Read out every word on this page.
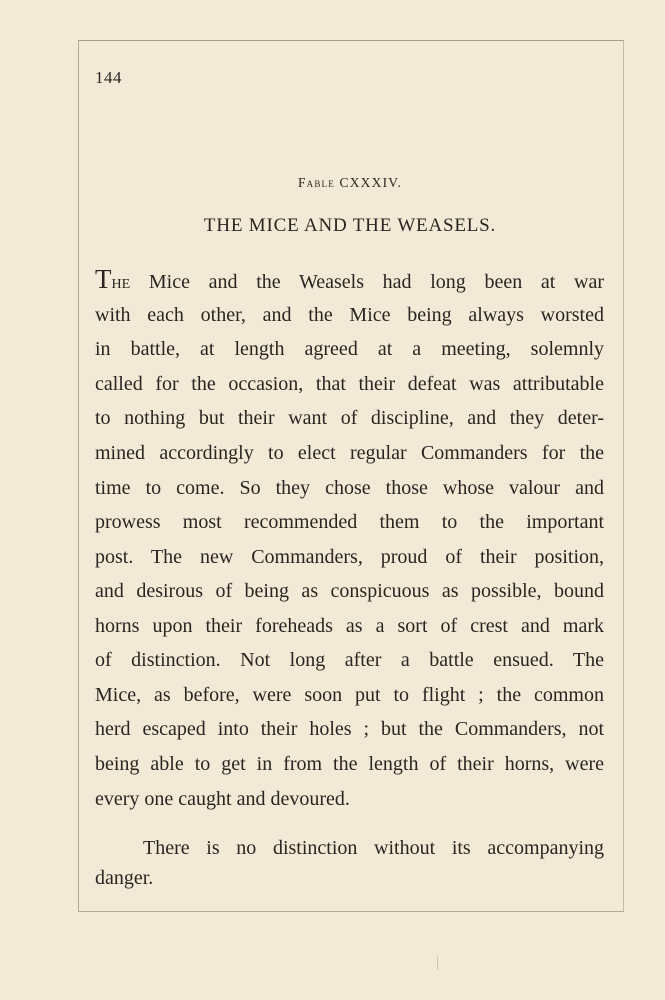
144
Fable CXXXIV.
THE MICE AND THE WEASELS.
The Mice and the Weasels had long been at war
with each other, and the Mice being always worsted
in battle, at length agreed at a meeting, solemnly
called for the occasion, that their defeat was attributable
to nothing but their want of discipline, and they deter-
mined accordingly to elect regular Commanders for the
time to come. So they chose those whose valour and
prowess most recommended them to the important
post. The new Commanders, proud of their position,
and desirous of being as conspicuous as possible, bound
horns upon their foreheads as a sort of crest and mark
of distinction. Not long after a battle ensued. The
Mice, as before, were soon put to flight ; the common
herd escaped into their holes ; but the Commanders, not
being able to get in from the length of their horns, were
every one caught and devoured.
There is no distinction without its accompanying
danger.
